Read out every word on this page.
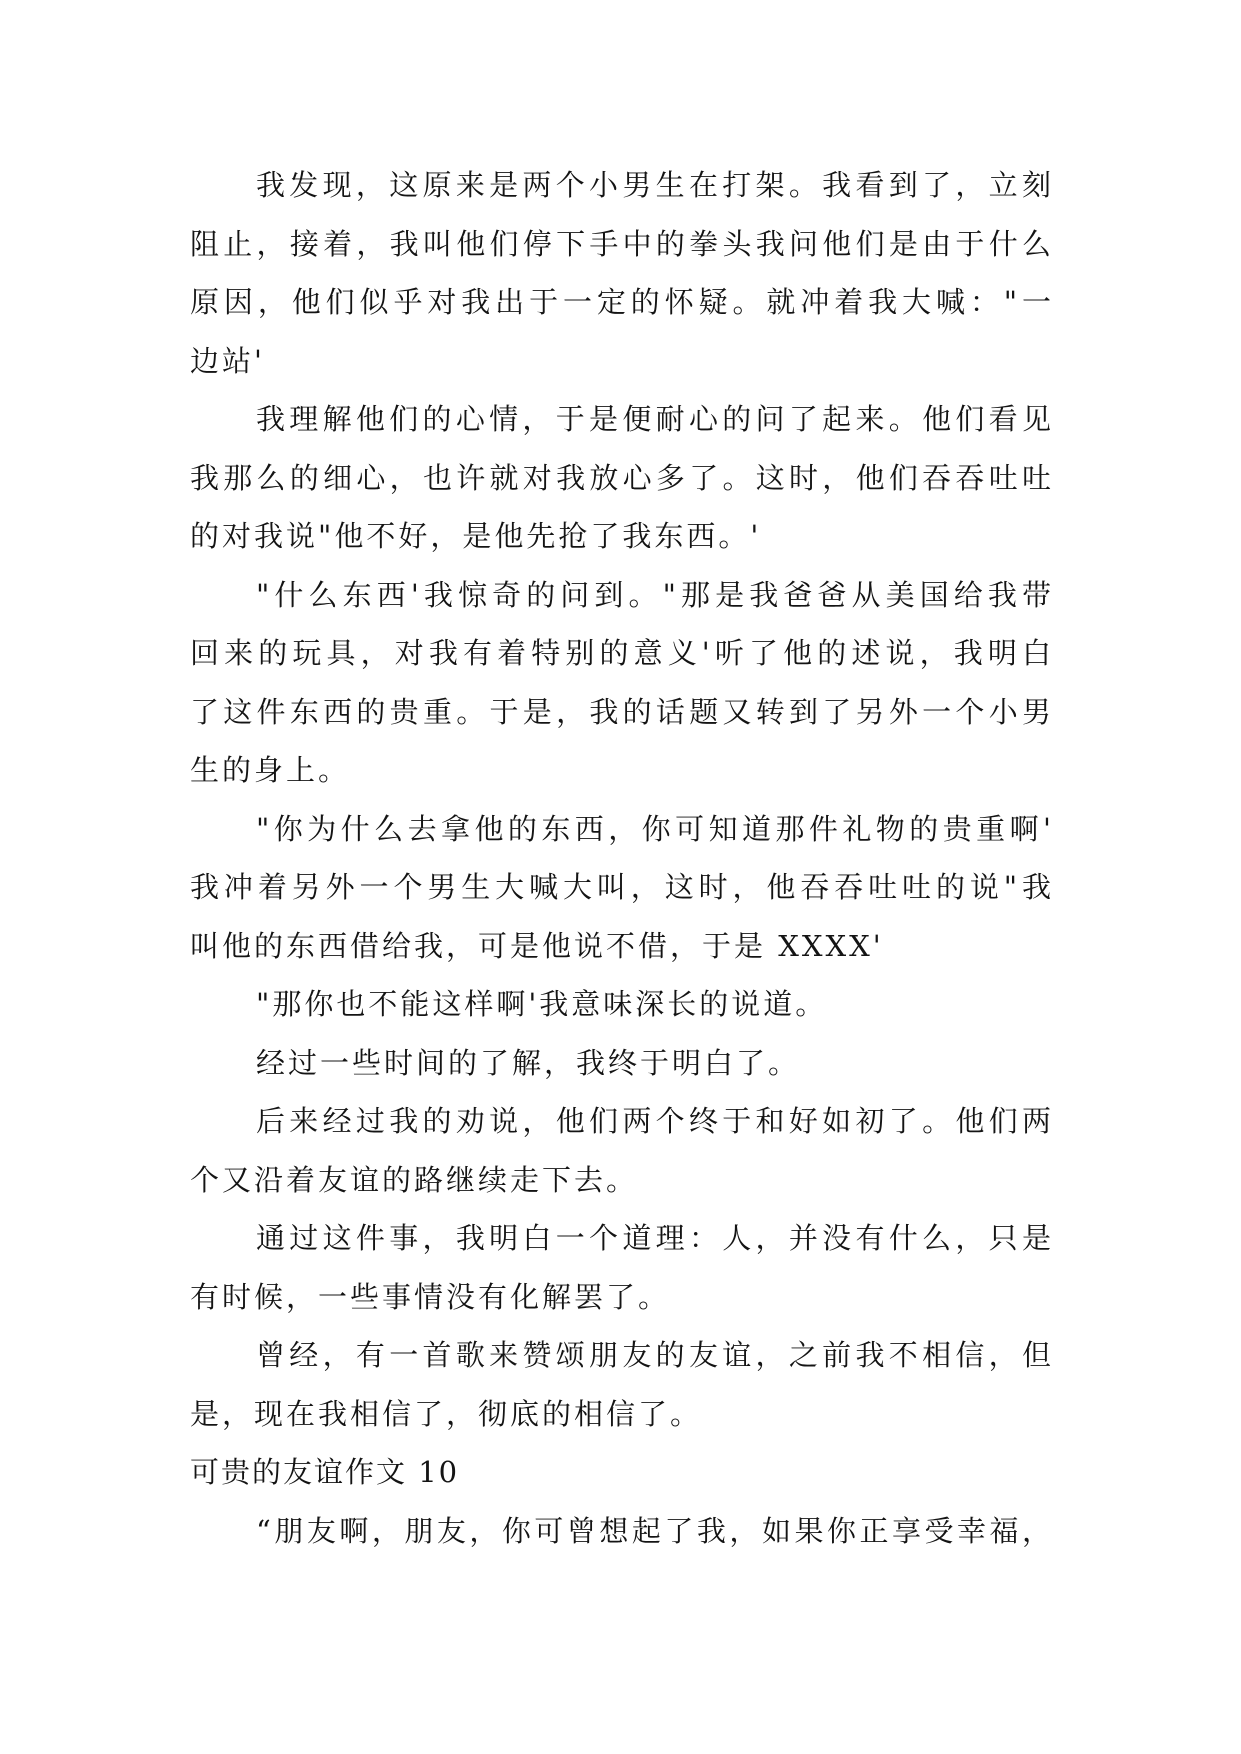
我发现，这原来是两个小男生在打架。我看到了，立刻
阻止，接着，我叫他们停下手中的拳头我问他们是由于什么
原因，他们似乎对我出于一定的怀疑。就冲着我大喊："一
边站'
我理解他们的心情，于是便耐心的问了起来。他们看见
我那么的细心，也许就对我放心多了。这时，他们吞吞吐吐
的对我说"他不好，是他先抢了我东西。'
"什么东西'我惊奇的问到。"那是我爸爸从美国给我带
回来的玩具，对我有着特别的意义'听了他的述说，我明白
了这件东西的贵重。于是，我的话题又转到了另外一个小男
生的身上。
"你为什么去拿他的东西，你可知道那件礼物的贵重啊'
我冲着另外一个男生大喊大叫，这时，他吞吞吐吐的说"我
叫他的东西借给我，可是他说不借，于是 XXXX'
"那你也不能这样啊'我意味深长的说道。
经过一些时间的了解，我终于明白了。
后来经过我的劝说，他们两个终于和好如初了。他们两
个又沿着友谊的路继续走下去。
通过这件事，我明白一个道理：人，并没有什么，只是
有时候，一些事情没有化解罢了。
曾经，有一首歌来赞颂朋友的友谊，之前我不相信，但
是，现在我相信了，彻底的相信了。
可贵的友谊作文 10
“朋友啊，朋友，你可曾想起了我，如果你正享受幸福，
